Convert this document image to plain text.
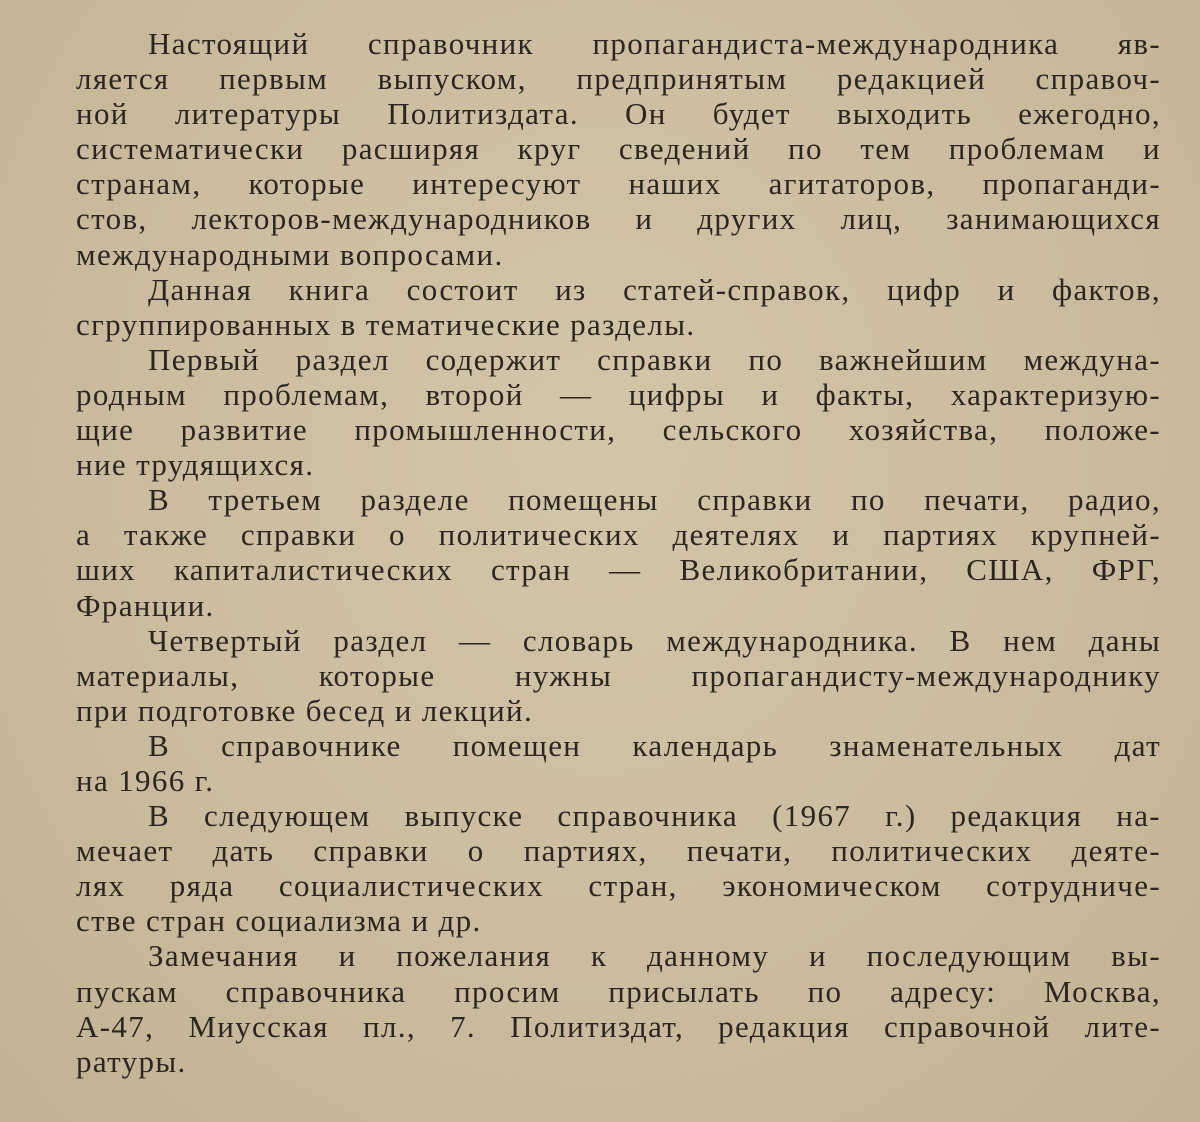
Настоящий справочник пропагандиста-международника яв-
ляется первым выпуском, предпринятым редакцией справоч-
ной литературы Политиздата. Он будет выходить ежегодно,
систематически расширяя круг сведений по тем проблемам и
странам, которые интересуют наших агитаторов, пропаганди-
стов, лекторов-международников и других лиц, занимающихся
международными вопросами.
Данная книга состоит из статей-справок, цифр и фактов,
сгруппированных в тематические разделы.
Первый раздел содержит справки по важнейшим междуна-
родным проблемам, второй — цифры и факты, характеризую-
щие развитие промышленности, сельского хозяйства, положе-
ние трудящихся.
В третьем разделе помещены справки по печати, радио,
а также справки о политических деятелях и партиях крупней-
ших капиталистических стран — Великобритании, США, ФРГ,
Франции.
Четвертый раздел — словарь международника. В нем даны
материалы, которые нужны пропагандисту-международнику
при подготовке бесед и лекций.
В справочнике помещен календарь знаменательных дат
на 1966 г.
В следующем выпуске справочника (1967 г.) редакция на-
мечает дать справки о партиях, печати, политических деяте-
лях ряда социалистических стран, экономическом сотрудниче-
стве стран социализма и др.
Замечания и пожелания к данному и последующим вы-
пускам справочника просим присылать по адресу: Москва,
А-47, Миусская пл., 7. Политиздат, редакция справочной лите-
ратуры.
